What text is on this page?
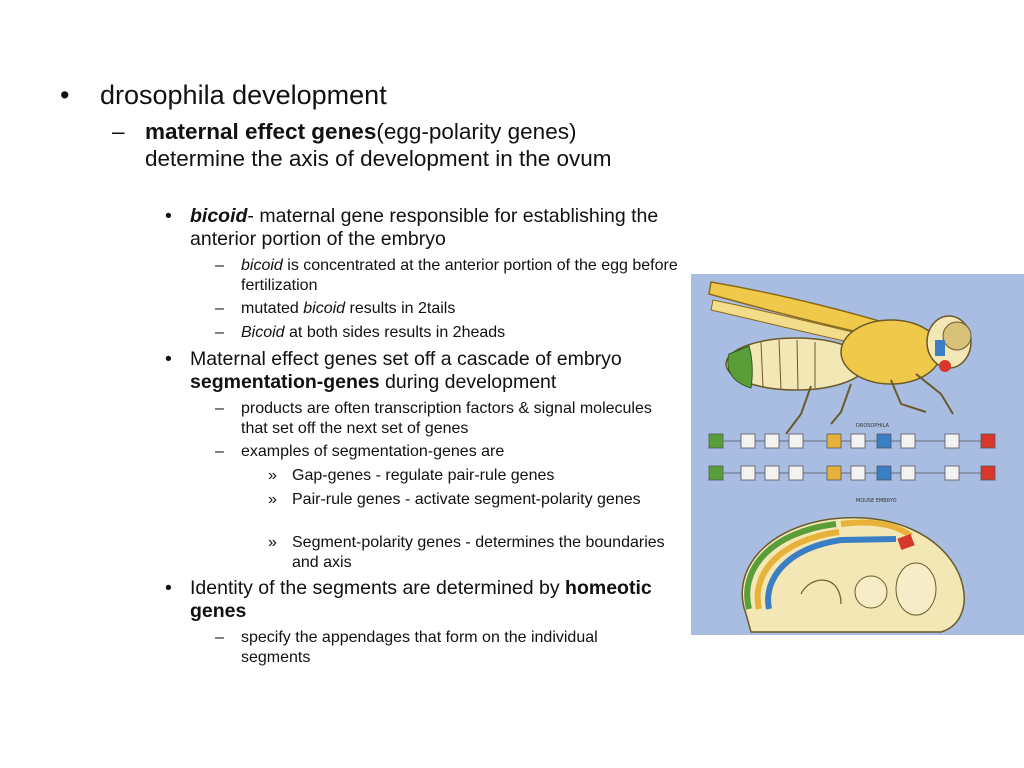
• drosophila development
– maternal effect genes(egg-polarity genes) determine the axis of development in the ovum
• bicoid- maternal gene responsible for establishing the anterior portion of the embryo
– bicoid is concentrated at the anterior portion of the egg before fertilization
– mutated bicoid results in 2tails
– Bicoid at both sides results in 2heads
• Maternal effect genes set off a cascade of embryo segmentation-genes during development
– products are often transcription factors & signal molecules that set off the next set of genes
– examples of segmentation-genes are
» Gap-genes - regulate pair-rule genes
» Pair-rule genes - activate segment-polarity genes
» Segment-polarity genes - determines the boundaries and axis
• Identity of the segments are determined by homeotic genes
– specify the appendages that form on the individual segments
DROSOPHILA
MOUSE EMBRYO
